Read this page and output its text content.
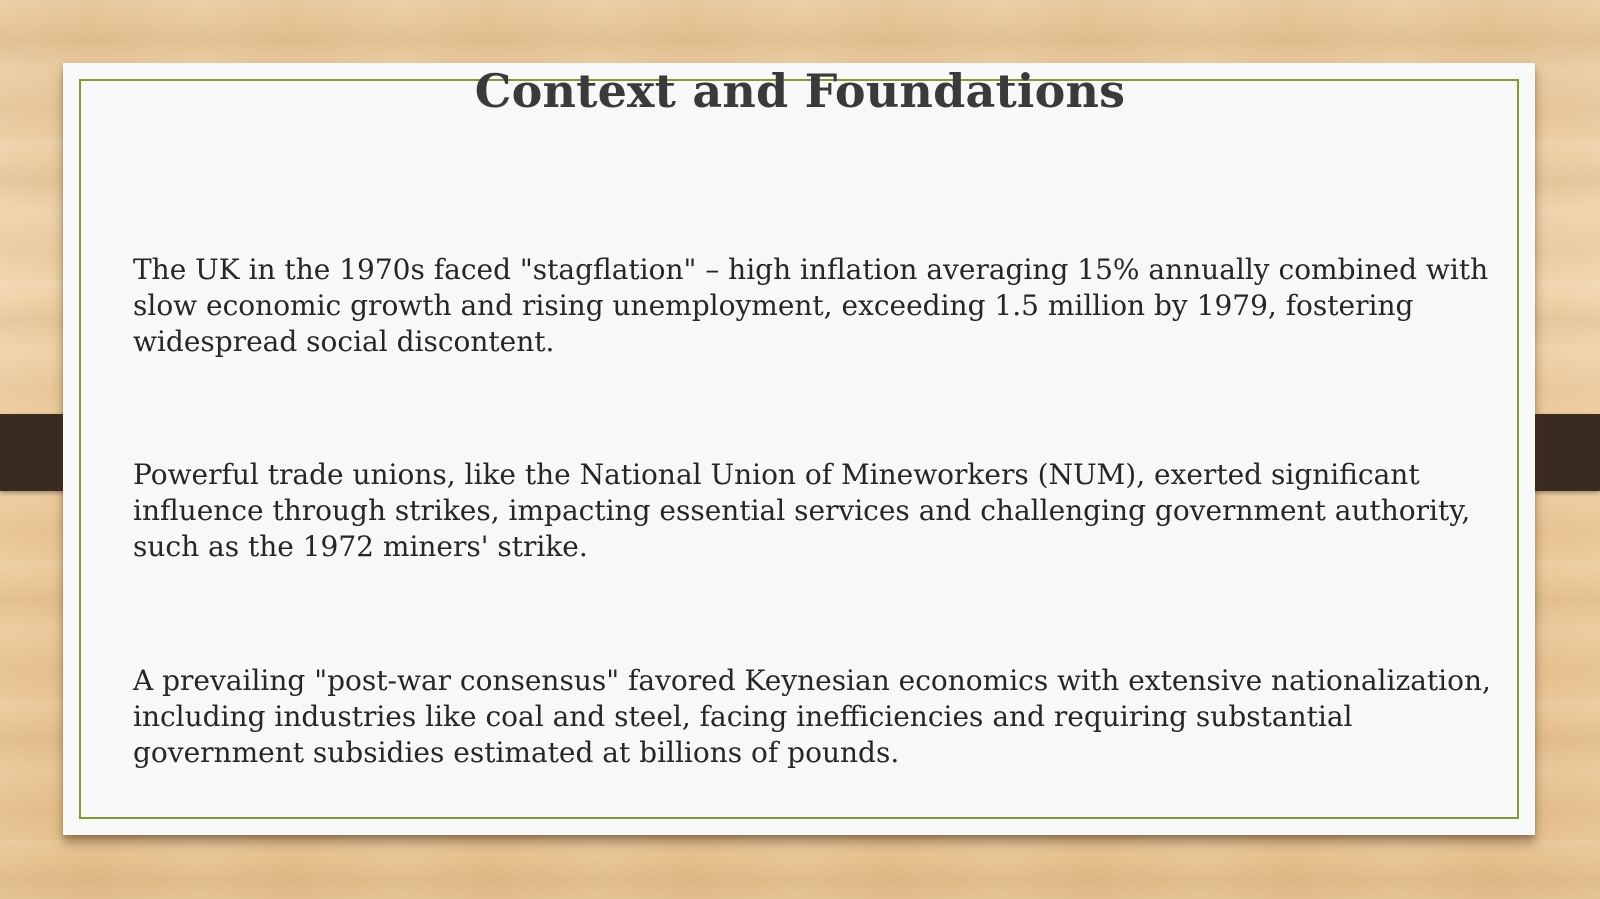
Context and Foundations

The UK in the 1970s faced "stagflation" – high inflation averaging 15% annually combined with slow economic growth and rising unemployment, exceeding 1.5 million by 1979, fostering widespread social discontent.

Powerful trade unions, like the National Union of Mineworkers (NUM), exerted significant influence through strikes, impacting essential services and challenging government authority, such as the 1972 miners' strike.

A prevailing "post-war consensus" favored Keynesian economics with extensive nationalization, including industries like coal and steel, facing inefficiencies and requiring substantial government subsidies estimated at billions of pounds.
